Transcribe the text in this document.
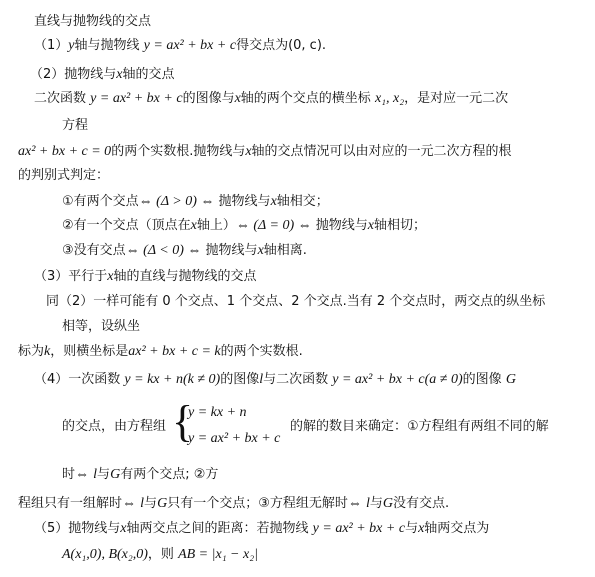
直线与抛物线的交点
（1）y轴与抛物线 y = ax² + bx + c得交点为(0, c).
（2）抛物线与x轴的交点
二次函数 y = ax² + bx + c的图像与x轴的两个交点的横坐标 x₁, x₂，是对应一元二次
方程
ax² + bx + c = 0的两个实数根.抛物线与x轴的交点情况可以由对应的一元二次方程的根
的判别式判定：
①有两个交点⇔ (Δ > 0) ⇔ 抛物线与x轴相交；
②有一个交点（顶点在x轴上）⇔ (Δ = 0) ⇔ 抛物线与x轴相切；
③没有交点⇔ (Δ < 0) ⇔ 抛物线与x轴相离.
（3）平行于x轴的直线与抛物线的交点
同（2）一样可能有 0 个交点、1 个交点、2 个交点.当有 2 个交点时，两交点的纵坐标
相等，设纵坐
标为k，则横坐标是ax² + bx + c = k的两个实数根.
（4）一次函数 y = kx + n(k ≠ 0)的图像l与二次函数 y = ax² + bx + c(a ≠ 0)的图像 G
的交点，由方程组 {
y = kx + n
y = ax² + bx + c
的解的数目来确定：①方程组有两组不同的解
时⇔ l与G有两个交点; ②方
程组只有一组解时⇔ l与G只有一个交点；③方程组无解时⇔ l与G没有交点.
（5）抛物线与x轴两交点之间的距离：若抛物线 y = ax² + bx + c与x轴两交点为
A(x₁,0), B(x₂,0)，则 AB = |x₁ − x₂|
